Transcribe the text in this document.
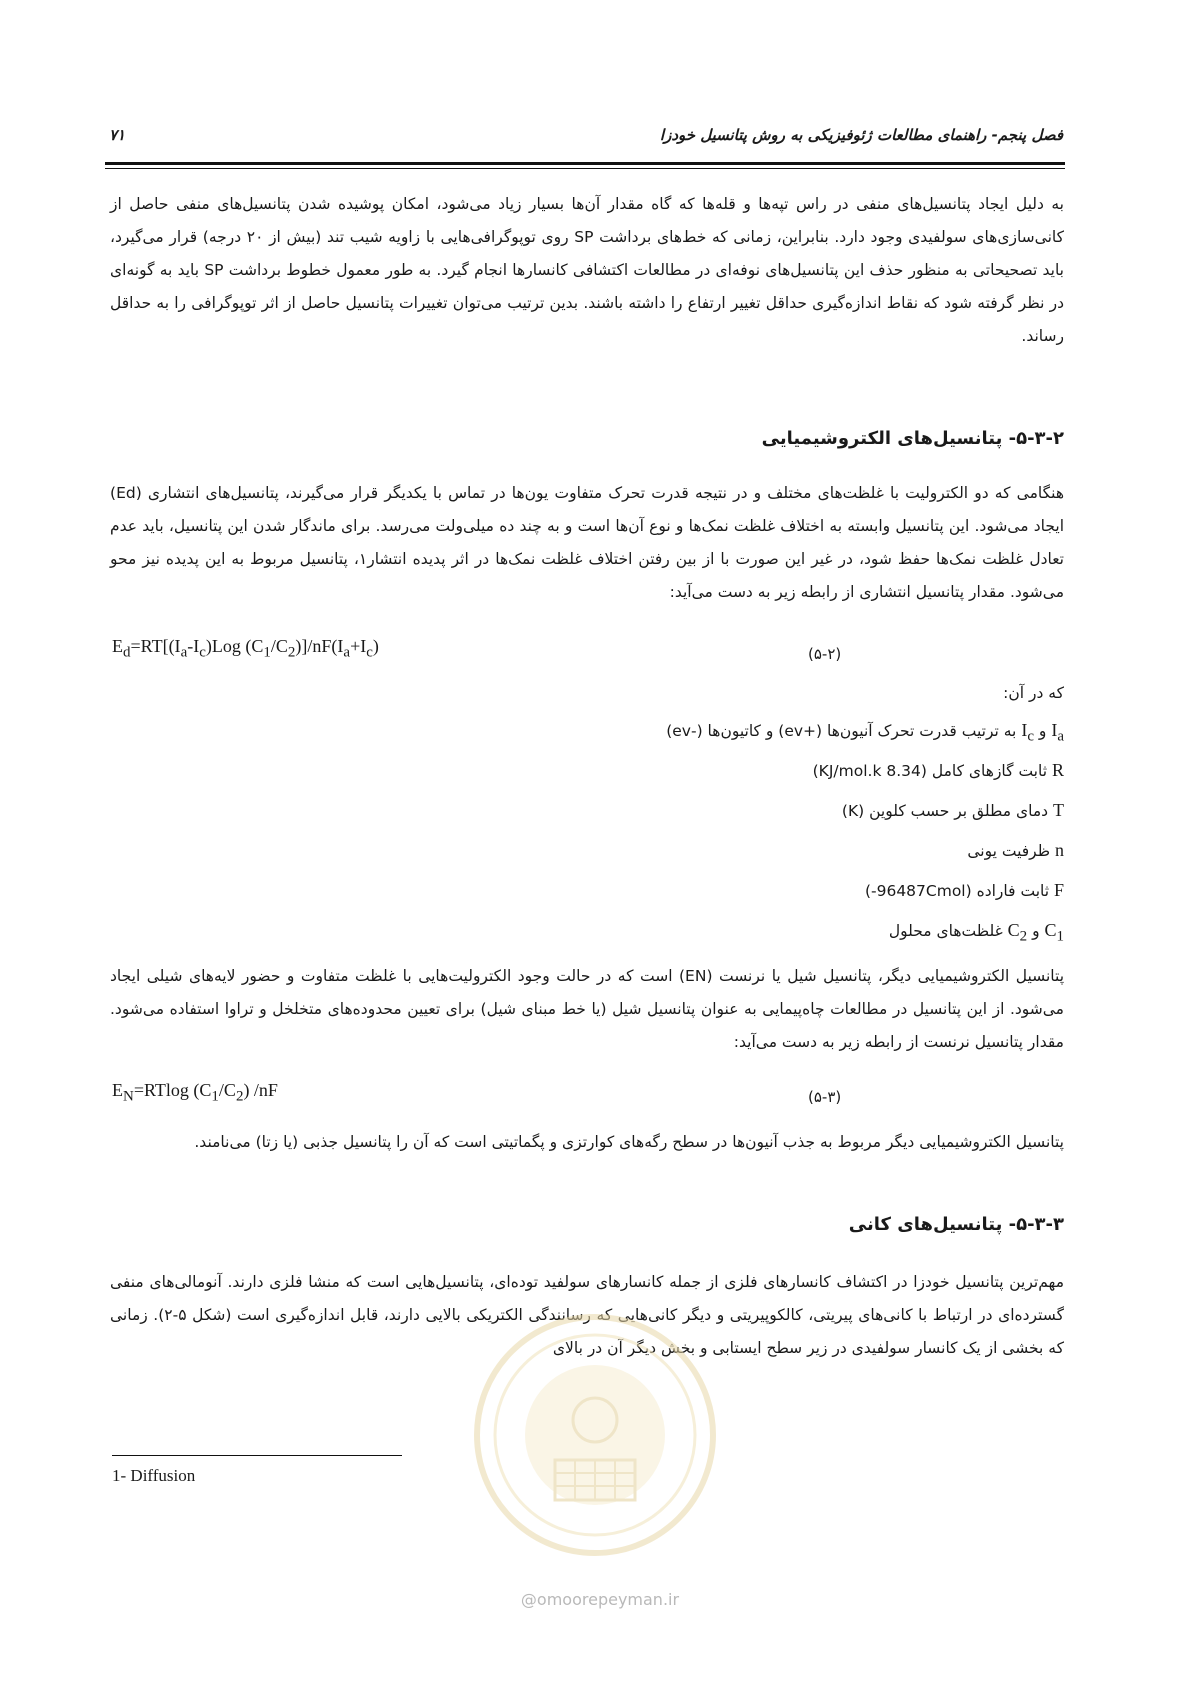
۷۱	فصل پنجم- راهنمای مطالعات ژئوفیزیکی به روش پتانسیل خودزا
به دلیل ایجاد پتانسیل‌های منفی در راس تپه‌ها و قله‌ها که گاه مقدار آن‌ها بسیار زیاد می‌شود، امکان پوشیده شدن پتانسیل‌های منفی حاصل از کانی‌سازی‌های سولفیدی وجود دارد. بنابراین، زمانی که خط‌های برداشت SP روی توپوگرافی‌هایی با زاویه شیب تند (بیش از ۲۰ درجه) قرار می‌گیرد، باید تصحیحاتی به منظور حذف این پتانسیل‌های نوفه‌ای در مطالعات اکتشافی کانسارها انجام گیرد. به طور معمول خطوط برداشت SP باید به گونه‌ای در نظر گرفته شود که نقاط اندازه‌گیری حداقل تغییر ارتفاع را داشته باشند. بدین ترتیب می‌توان تغییرات پتانسیل حاصل از اثر توپوگرافی را به حداقل رساند.
۵-۳-۲- پتانسیل‌های الکتروشیمیایی
هنگامی که دو الکترولیت با غلظت‌های مختلف و در نتیجه قدرت تحرک متفاوت یون‌ها در تماس با یکدیگر قرار می‌گیرند، پتانسیل‌های انتشاری (Ed) ایجاد می‌شود. این پتانسیل وابسته به اختلاف غلظت نمک‌ها و نوع آن‌ها است و به چند ده میلی‌ولت می‌رسد. برای ماندگار شدن این پتانسیل، باید عدم تعادل غلظت نمک‌ها حفظ شود، در غیر این صورت با از بین رفتن اختلاف غلظت نمک‌ها در اثر پدیده انتشار۱، پتانسیل مربوط به این پدیده نیز محو می‌شود. مقدار پتانسیل انتشاری از رابطه زیر به دست می‌آید:
$E_d=RT[(I_a-I_c)Log$ $(C_1/C_2)]/nF(I_a+I_c)$	(۵-۲)
که در آن:
$I_a$ و $I_c$ به ترتیب قدرت تحرک آنیون‌ها (+ev) و کاتیون‌ها (-ev)
R ثابت گازهای کامل (8.34 KJ/mol.k)
T دمای مطلق بر حسب کلوین (K)
n ظرفیت یونی
F ثابت فاراده (96487Cmol-)
$C_1$ و $C_2$ غلظت‌های محلول
پتانسیل الکتروشیمیایی دیگر، پتانسیل شیل یا نرنست (EN) است که در حالت وجود الکترولیت‌هایی با غلظت متفاوت و حضور لایه‌های شیلی ایجاد می‌شود. از این پتانسیل در مطالعات چاه‌پیمایی به عنوان پتانسیل شیل (یا خط مبنای شیل) برای تعیین محدوده‌های متخلخل و تراوا استفاده می‌شود. مقدار پتانسیل نرنست از رابطه زیر به دست می‌آید:
$E_N=RTlog$ $(C_1/C_2)$ /nF	(۵-۳)
پتانسیل الکتروشیمیایی دیگر مربوط به جذب آنیون‌ها در سطح رگه‌های کوارتزی و پگماتیتی است که آن را پتانسیل جذبی (یا زتا) می‌نامند.
۵-۳-۳- پتانسیل‌های کانی
مهم‌ترین پتانسیل خودزا در اکتشاف کانسارهای فلزی از جمله کانسارهای سولفید توده‌ای، پتانسیل‌هایی است که منشا فلزی دارند. آنومالی‌های منفی گسترده‌ای در ارتباط با کانی‌های پیریتی، کالکوپیریتی و دیگر کانی‌هایی که رسانندگی الکتریکی بالایی دارند، قابل اندازه‌گیری است (شکل ۵-۲). زمانی که بخشی از یک کانسار سولفیدی در زیر سطح ایستابی و بخش دیگر آن در بالای
1- Diffusion
@omoorepeyman.ir
